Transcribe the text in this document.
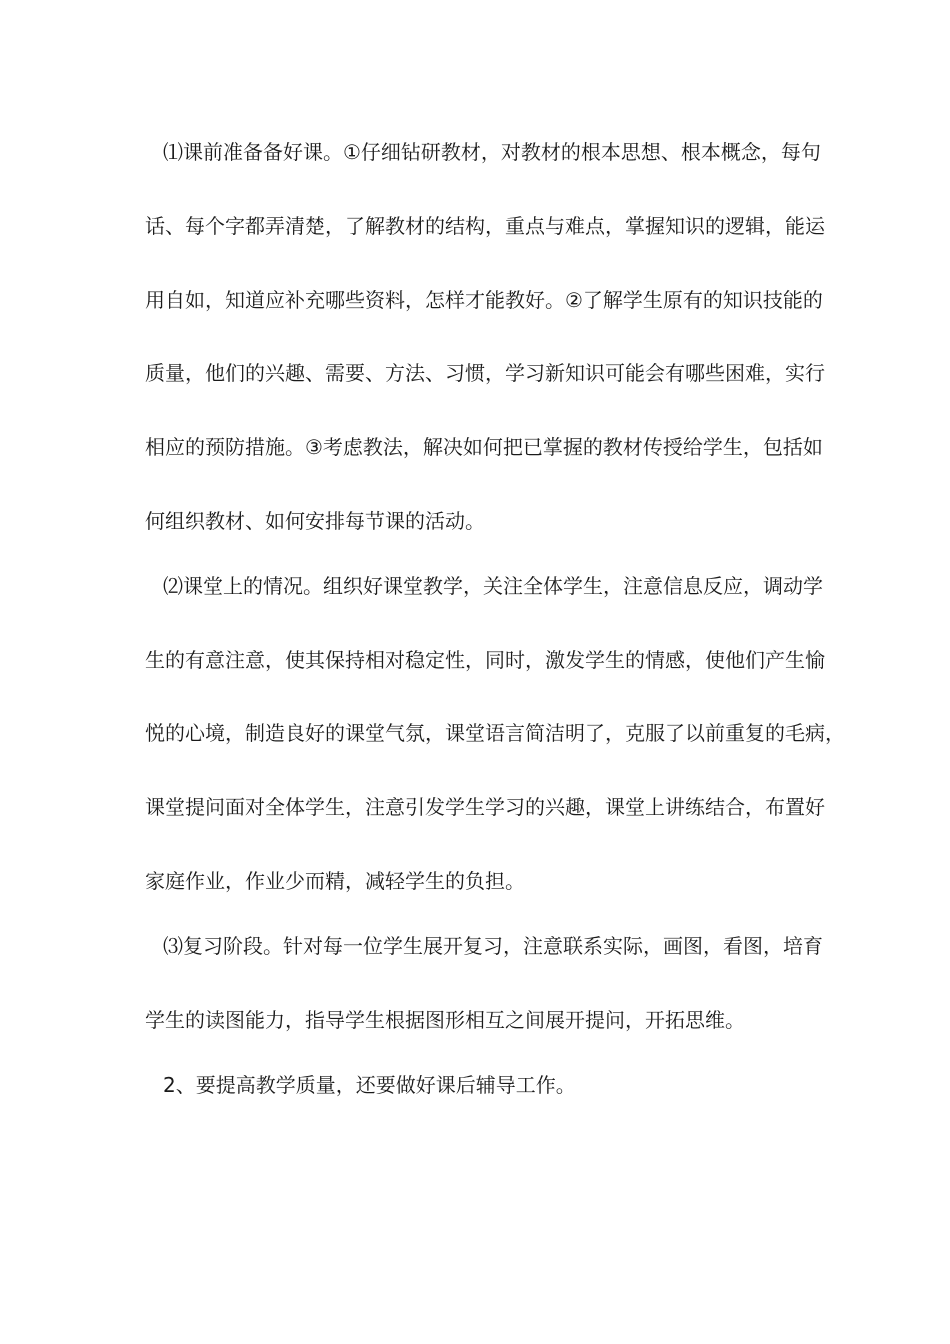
⑴课前准备备好课。①仔细钻研教材，对教材的根本思想、根本概念，每句
话、每个字都弄清楚，了解教材的结构，重点与难点，掌握知识的逻辑，能运
用自如，知道应补充哪些资料，怎样才能教好。②了解学生原有的知识技能的
质量，他们的兴趣、需要、方法、习惯，学习新知识可能会有哪些困难，实行
相应的预防措施。③考虑教法，解决如何把已掌握的教材传授给学生，包括如
何组织教材、如何安排每节课的活动。
⑵课堂上的情况。组织好课堂教学，关注全体学生，注意信息反应，调动学
生的有意注意，使其保持相对稳定性，同时，激发学生的情感，使他们产生愉
悦的心境，制造良好的课堂气氛，课堂语言简洁明了，克服了以前重复的毛病，
课堂提问面对全体学生，注意引发学生学习的兴趣，课堂上讲练结合，布置好
家庭作业，作业少而精，减轻学生的负担。
⑶复习阶段。针对每一位学生展开复习，注意联系实际，画图，看图，培育
学生的读图能力，指导学生根据图形相互之间展开提问，开拓思维。
2、要提高教学质量，还要做好课后辅导工作。
